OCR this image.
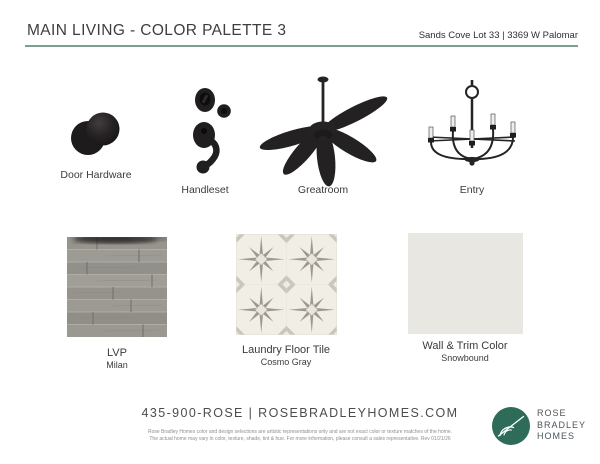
MAIN LIVING - COLOR PALETTE 3	Sands Cove Lot 33 | 3369 W Palomar
Door Hardware
Handleset	Greatroom	Entry
LVP
Milan
Laundry Floor Tile
Cosmo Gray
Wall & Trim Color
Snowbound
435-900-ROSE | ROSEBRADLEYHOMES.COM
Rose Bradley Homes color and design selections are artistic representations only and are not exact color or texture matches of the home.
The actual home may vary in color, texture, shade, tint & hue. For more information, please consult a sales representative. Rev 01/21/26
ROSE
BRADLEY
HOMES
